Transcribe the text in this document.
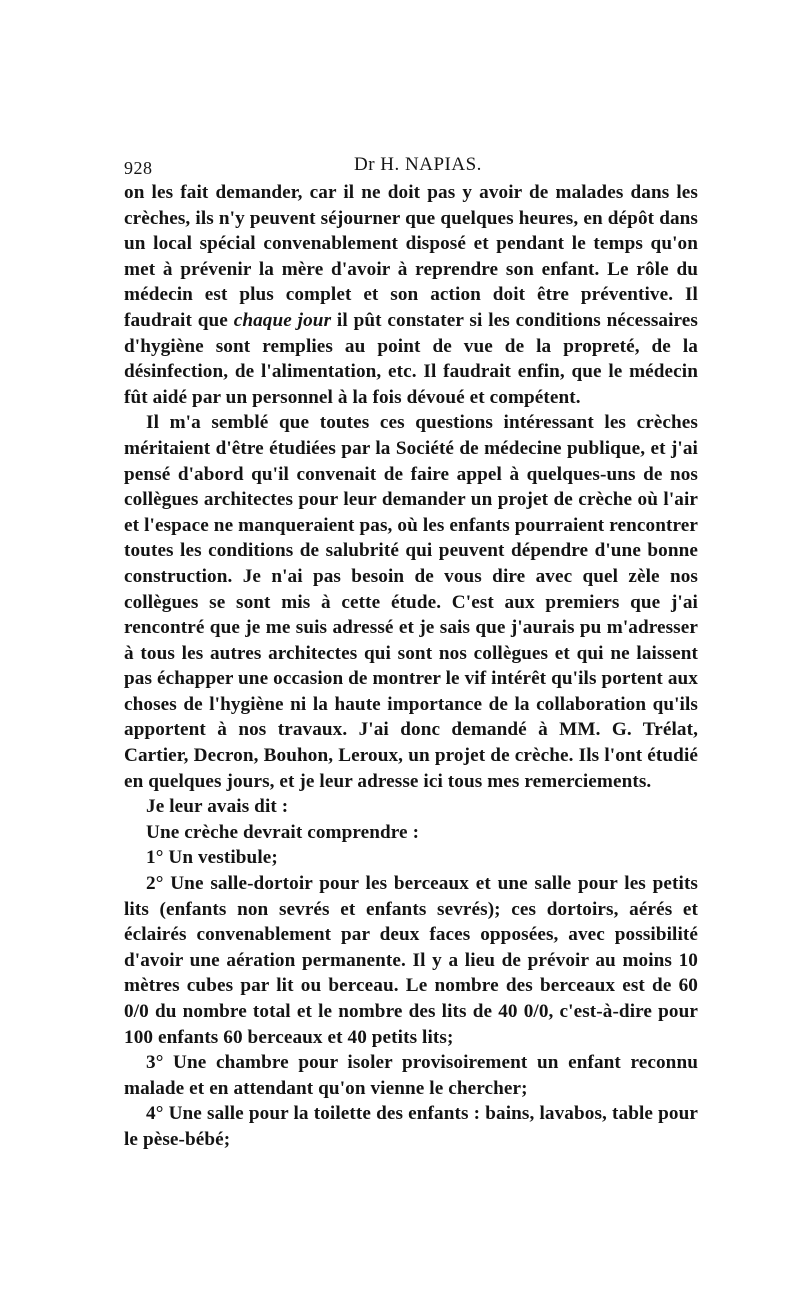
928	Dr H. NAPIAS.

on les fait demander, car il ne doit pas y avoir de malades dans les crèches, ils n'y peuvent séjourner que quelques heures, en dépôt dans un local spécial convenablement disposé et pendant le temps qu'on met à prévenir la mère d'avoir à reprendre son enfant. Le rôle du médecin est plus complet et son action doit être préventive. Il faudrait que chaque jour il pût constater si les conditions nécessaires d'hygiène sont remplies au point de vue de la propreté, de la désinfection, de l'alimentation, etc. Il faudrait enfin, que le médecin fût aidé par un personnel à la fois dévoué et compétent.

Il m'a semblé que toutes ces questions intéressant les crèches méritaient d'être étudiées par la Société de médecine publique, et j'ai pensé d'abord qu'il convenait de faire appel à quelques-uns de nos collègues architectes pour leur demander un projet de crèche où l'air et l'espace ne manqueraient pas, où les enfants pourraient rencontrer toutes les conditions de salubrité qui peuvent dépendre d'une bonne construction. Je n'ai pas besoin de vous dire avec quel zèle nos collègues se sont mis à cette étude. C'est aux premiers que j'ai rencontré que je me suis adressé et je sais que j'aurais pu m'adresser à tous les autres architectes qui sont nos collègues et qui ne laissent pas échapper une occasion de montrer le vif intérêt qu'ils portent aux choses de l'hygiène ni la haute importance de la collaboration qu'ils apportent à nos travaux. J'ai donc demandé à MM. G. Trélat, Cartier, Decron, Bouhon, Leroux, un projet de crèche. Ils l'ont étudié en quelques jours, et je leur adresse ici tous mes remerciements.

Je leur avais dit :

Une crèche devrait comprendre :

1° Un vestibule;

2° Une salle-dortoir pour les berceaux et une salle pour les petits lits (enfants non sevrés et enfants sevrés); ces dortoirs, aérés et éclairés convenablement par deux faces opposées, avec possibilité d'avoir une aération permanente. Il y a lieu de prévoir au moins 10 mètres cubes par lit ou berceau. Le nombre des berceaux est de 60 0/0 du nombre total et le nombre des lits de 40 0/0, c'est-à-dire pour 100 enfants 60 berceaux et 40 petits lits;

3° Une chambre pour isoler provisoirement un enfant reconnu malade et en attendant qu'on vienne le chercher;

4° Une salle pour la toilette des enfants : bains, lavabos, table pour le pèse-bébé;
